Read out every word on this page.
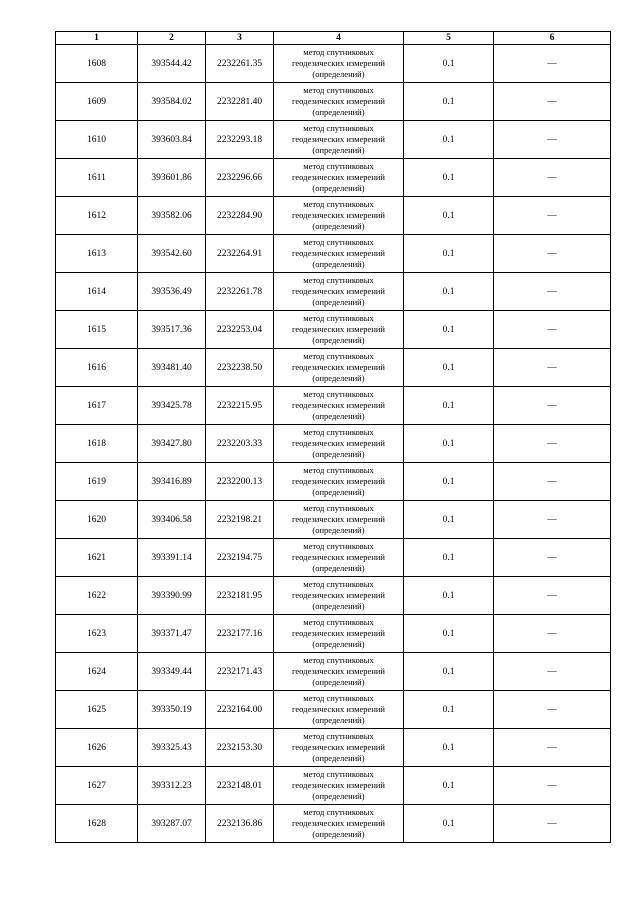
1	2	3	4	5	6
1608	393544.42	2232261.35	метод спутниковых
геодезических измерений
(определений)	0.1	—
1609	393584.02	2232281.40	метод спутниковых
геодезических измерений
(определений)	0.1	—
1610	393603.84	2232293.18	метод спутниковых
геодезических измерений
(определений)	0.1	—
1611	393601.86	2232296.66	метод спутниковых
геодезических измерений
(определений)	0.1	—
1612	393582.06	2232284.90	метод спутниковых
геодезических измерений
(определений)	0.1	—
1613	393542.60	2232264.91	метод спутниковых
геодезических измерений
(определений)	0.1	—
1614	393536.49	2232261.78	метод спутниковых
геодезических измерений
(определений)	0.1	—
1615	393517.36	2232253.04	метод спутниковых
геодезических измерений
(определений)	0.1	—
1616	393481.40	2232238.50	метод спутниковых
геодезических измерений
(определений)	0.1	—
1617	393425.78	2232215.95	метод спутниковых
геодезических измерений
(определений)	0.1	—
1618	393427.80	2232203.33	метод спутниковых
геодезических измерений
(определений)	0.1	—
1619	393416.89	2232200.13	метод спутниковых
геодезических измерений
(определений)	0.1	—
1620	393406.58	2232198.21	метод спутниковых
геодезических измерений
(определений)	0.1	—
1621	393391.14	2232194.75	метод спутниковых
геодезических измерений
(определений)	0.1	—
1622	393390.99	2232181.95	метод спутниковых
геодезических измерений
(определений)	0.1	—
1623	393371.47	2232177.16	метод спутниковых
геодезических измерений
(определений)	0.1	—
1624	393349.44	2232171.43	метод спутниковых
геодезических измерений
(определений)	0.1	—
1625	393350.19	2232164.00	метод спутниковых
геодезических измерений
(определений)	0.1	—
1626	393325.43	2232153.30	метод спутниковых
геодезических измерений
(определений)	0.1	—
1627	393312.23	2232148.01	метод спутниковых
геодезических измерений
(определений)	0.1	—
1628	393287.07	2232136.86	метод спутниковых
геодезических измерений
(определений)	0.1	—
